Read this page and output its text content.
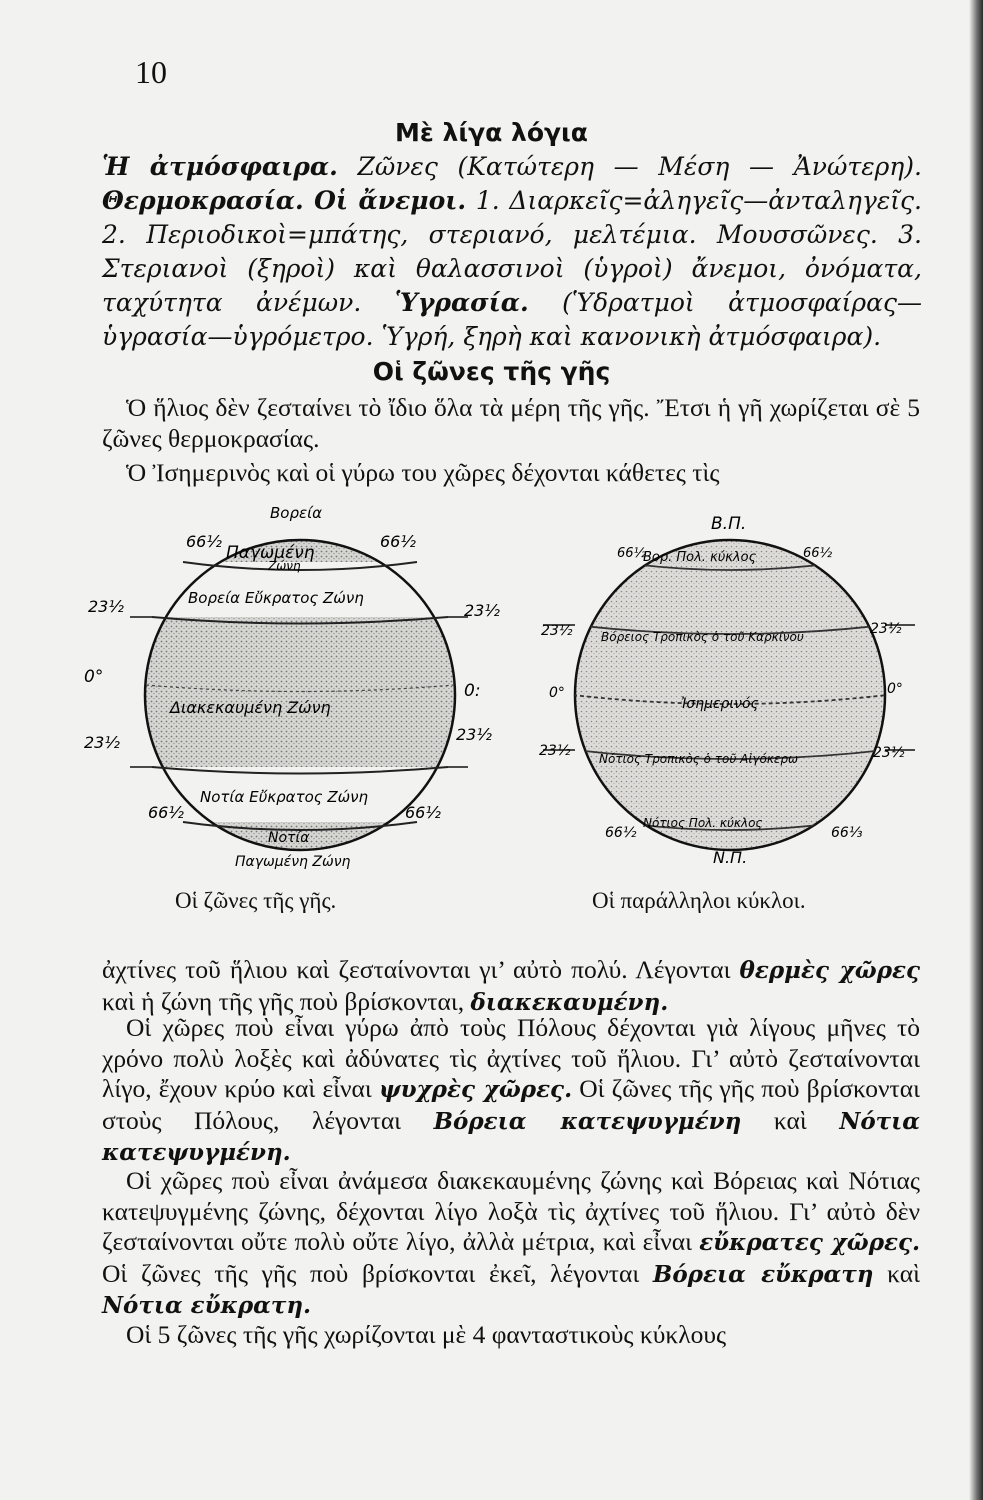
10
Μὲ λίγα λόγια
Ἡ ἀτμόσφαιρα. Ζῶνες (Κατώτερη — Μέση — Ἀνώτερη). Θερμοκρασία. Οἱ ἄνεμοι. 1. Διαρκεῖς=ἀληγεῖς—ἀνταληγεῖς. 2. Περιοδικοὶ=μπάτης, στεριανό, μελτέμια. Μουσσῶνες. 3. Στεριανοὶ (ξηροὶ) καὶ θαλασσινοὶ (ὑγροὶ) ἄνεμοι, ὀνόματα, ταχύτητα ἀνέμων. Ὑγρασία. (Ὑδρατμοὶ ἀτμοσφαίρας—ὑγρασία—ὑγρόμετρο. Ὑγρή, ξηρὴ καὶ κανονικὴ ἀτμόσφαιρα).
Οἱ ζῶνες τῆς γῆς

Ὁ ἥλιος δὲν ζεσταίνει τὸ ἴδιο ὅλα τὰ μέρη τῆς γῆς. Ἔτσι ἡ γῆ χωρίζεται σὲ 5 ζῶνες θερμοκρασίας.

Ὁ Ἰσημερινὸς καὶ οἱ γύρω του χῶρες δέχονται κάθετες τὶς

Βορεία
66½	66½
Παγωμένη
Ζώνη
Βορεία Εὔκρατος Ζώνη
23½	23½
0°
0:
Διακεκαυμένη Ζώνη
23½	23½
Νοτία Εὔκρατος Ζώνη
66½	66½
Νοτία
Παγωμένη Ζώνη
Οἱ ζῶνες τῆς γῆς.
Β.Π.
66½
Βορ. Πολ. κύκλος	66½
23½ Βόρειος Τροπικὸς ὁ τοῦ Καρκίνου	23½
0°
Ἰσημερινός
0°
23½ Νότιος Τροπικὸς ὁ τοῦ Αἰγόκερω	23½
Νότιος Πολ. κύκλος
66½	66⅓
Ν.Π.
Οἱ παράλληλοι κύκλοι.

ἀχτίνες τοῦ ἥλιου καὶ ζεσταίνονται γι’ αὐτὸ πολύ. Λέγονται θερμὲς χῶρες καὶ ἡ ζώνη τῆς γῆς ποὺ βρίσκονται, διακεκαυμένη.

Οἱ χῶρες ποὺ εἶναι γύρω ἀπὸ τοὺς Πόλους δέχονται γιὰ λίγους μῆνες τὸ χρόνο πολὺ λοξὲς καὶ ἀδύνατες τὶς ἀχτίνες τοῦ ἥλιου. Γι’ αὐτὸ ζεσταίνονται λίγο, ἔχουν κρύο καὶ εἶναι ψυχρὲς χῶρες. Οἱ ζῶνες τῆς γῆς ποὺ βρίσκονται στοὺς Πόλους, λέγονται Βόρεια κατεψυγμένη καὶ Νότια κατεψυγμένη.

Οἱ χῶρες ποὺ εἶναι ἀνάμεσα διακεκαυμένης ζώνης καὶ Βόρειας καὶ Νότιας κατεψυγμένης ζώνης, δέχονται λίγο λοξὰ τὶς ἀχτίνες τοῦ ἥλιου. Γι’ αὐτὸ δὲν ζεσταίνονται οὔτε πολὺ οὔτε λίγο, ἀλλὰ μέτρια, καὶ εἶναι εὔκρατες χῶρες. Οἱ ζῶνες τῆς γῆς ποὺ βρίσκονται ἐκεῖ, λέγονται Βόρεια εὔκρατη καὶ Νότια εὔκρατη.

Οἱ 5 ζῶνες τῆς γῆς χωρίζονται μὲ 4 φανταστικοὺς κύκλους
